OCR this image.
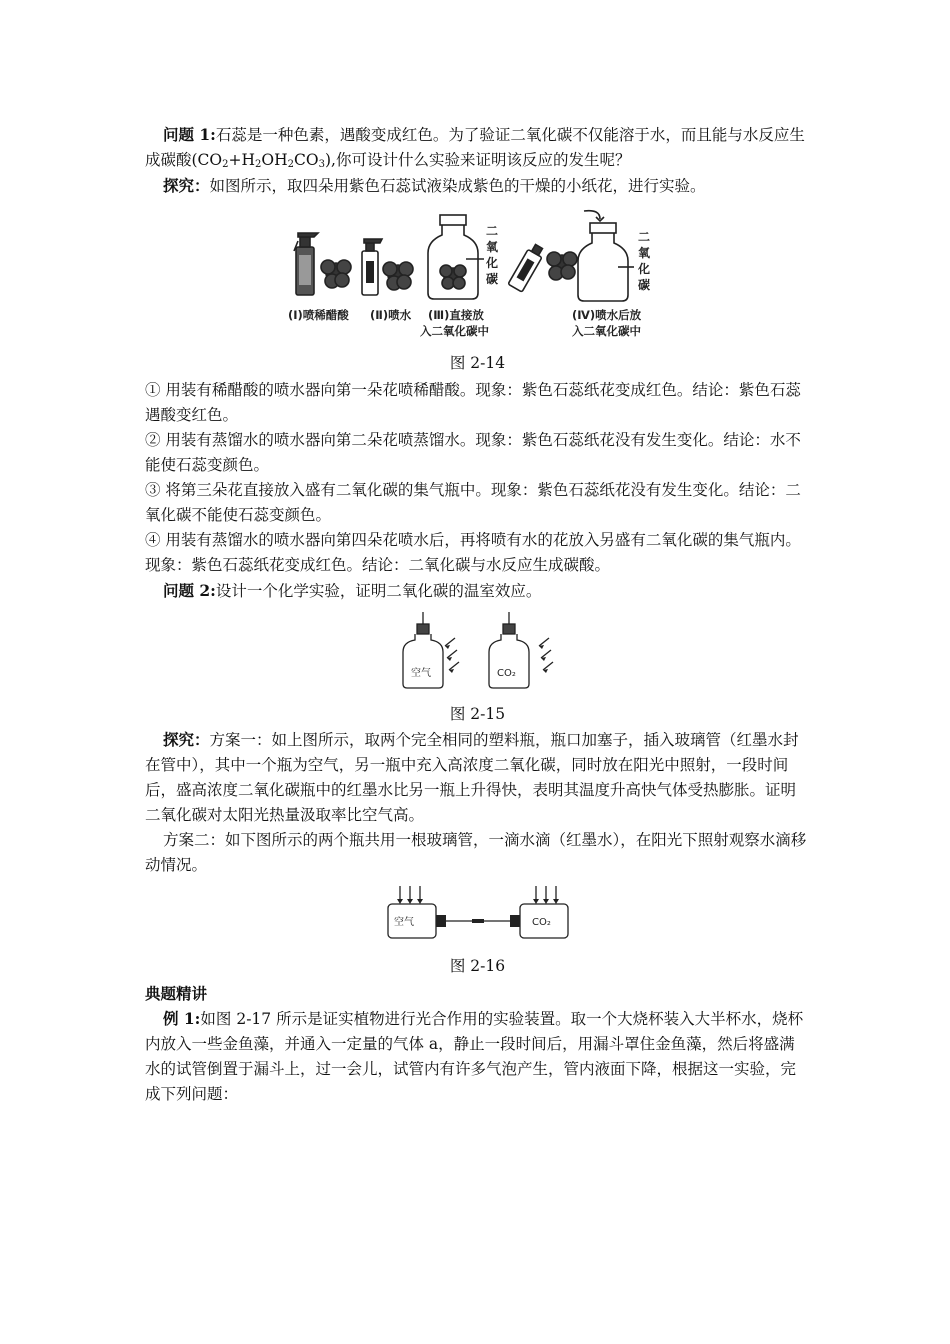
问题 1:石蕊是一种色素，遇酸变成红色。为了验证二氧化碳不仅能溶于水，而且能与水反应生成碳酸$(CO_2+H_2OH_2CO_3)$,你可设计什么实验来证明该反应的发生呢？

探究：如图所示，取四朵用紫色石蕊试液染成紫色的干燥的小纸花，进行实验。

二
氧
化
碳
二
氧
化
碳
(Ⅰ)喷稀醋酸 (Ⅱ)喷水 (Ⅲ)直接放
入二氧化碳中
(Ⅳ)喷水后放
入二氧化碳中
图 2-14

① 用装有稀醋酸的喷水器向第一朵花喷稀醋酸。现象：紫色石蕊纸花变成红色。结论：紫色石蕊遇酸变红色。

② 用装有蒸馏水的喷水器向第二朵花喷蒸馏水。现象：紫色石蕊纸花没有发生变化。结论：水不能使石蕊变颜色。

③ 将第三朵花直接放入盛有二氧化碳的集气瓶中。现象：紫色石蕊纸花没有发生变化。结论：二氧化碳不能使石蕊变颜色。

④ 用装有蒸馏水的喷水器向第四朵花喷水后，再将喷有水的花放入另盛有二氧化碳的集气瓶内。现象：紫色石蕊纸花变成红色。结论：二氧化碳与水反应生成碳酸。

问题 2:设计一个化学实验，证明二氧化碳的温室效应。

空气	CO₂
图 2-15

探究：方案一：如上图所示，取两个完全相同的塑料瓶，瓶口加塞子，插入玻璃管（红墨水封在管中），其中一个瓶为空气，另一瓶中充入高浓度二氧化碳，同时放在阳光中照射，一段时间后，盛高浓度二氧化碳瓶中的红墨水比另一瓶上升得快，表明其温度升高快气体受热膨胀。证明二氧化碳对太阳光热量汲取率比空气高。

方案二：如下图所示的两个瓶共用一根玻璃管，一滴水滴（红墨水），在阳光下照射观察水滴移动情况。

空气	CO₂
图 2-16

典题精讲

例 1:如图 2-17 所示是证实植物进行光合作用的实验装置。取一个大烧杯装入大半杯水，烧杯内放入一些金鱼藻，并通入一定量的气体 a，静止一段时间后，用漏斗罩住金鱼藻，然后将盛满水的试管倒置于漏斗上，过一会儿，试管内有许多气泡产生，管内液面下降，根据这一实验，完成下列问题：
